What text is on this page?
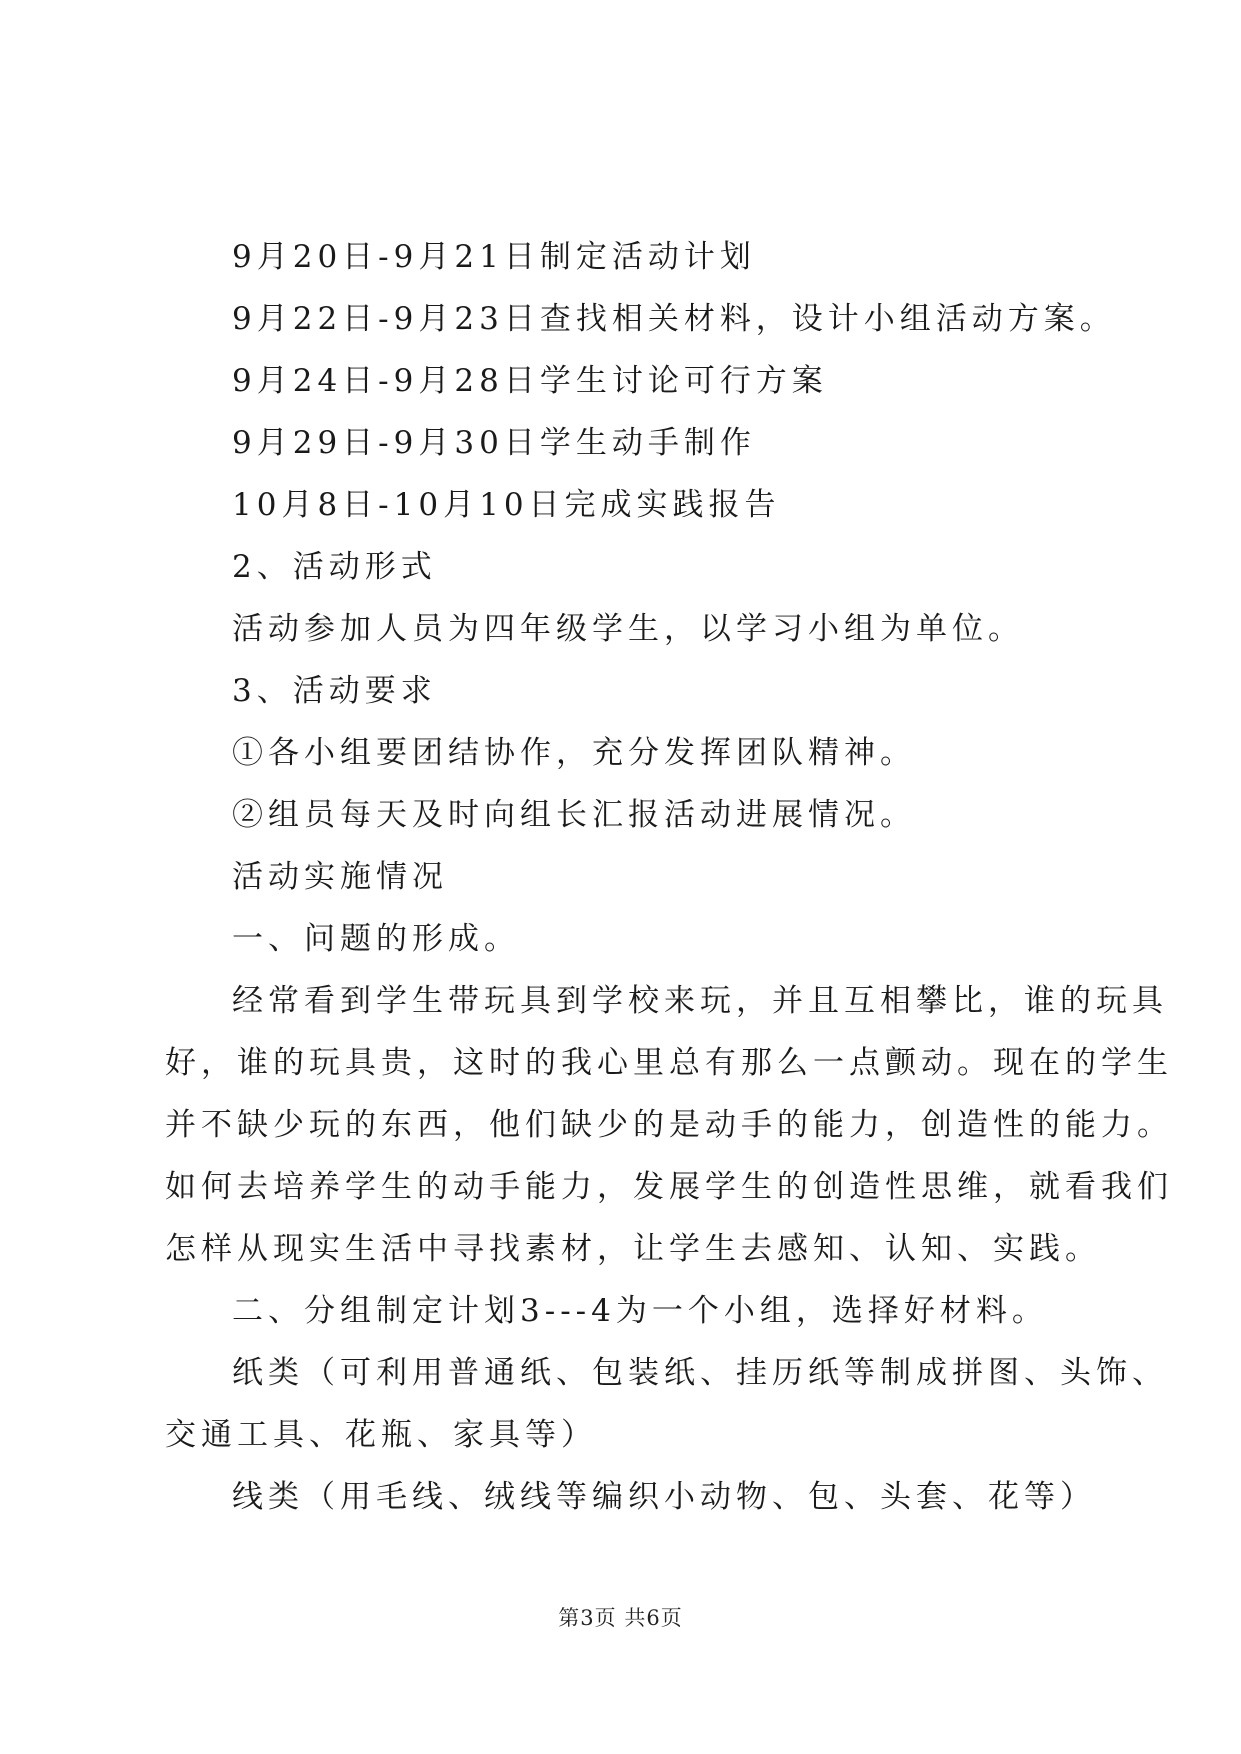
9月20日-9月21日制定活动计划
9月22日-9月23日查找相关材料，设计小组活动方案。
9月24日-9月28日学生讨论可行方案
9月29日-9月30日学生动手制作
10月8日-10月10日完成实践报告
2、活动形式
活动参加人员为四年级学生，以学习小组为单位。
3、活动要求
①各小组要团结协作，充分发挥团队精神。
②组员每天及时向组长汇报活动进展情况。
活动实施情况
一、问题的形成。
经常看到学生带玩具到学校来玩，并且互相攀比，谁的玩具
好，谁的玩具贵，这时的我心里总有那么一点颤动。现在的学生
并不缺少玩的东西，他们缺少的是动手的能力，创造性的能力。
如何去培养学生的动手能力，发展学生的创造性思维，就看我们
怎样从现实生活中寻找素材，让学生去感知、认知、实践。
二、分组制定计划3---4为一个小组，选择好材料。
纸类（可利用普通纸、包装纸、挂历纸等制成拼图、头饰、
交通工具、花瓶、家具等）
线类（用毛线、绒线等编织小动物、包、头套、花等）
第3页 共6页
